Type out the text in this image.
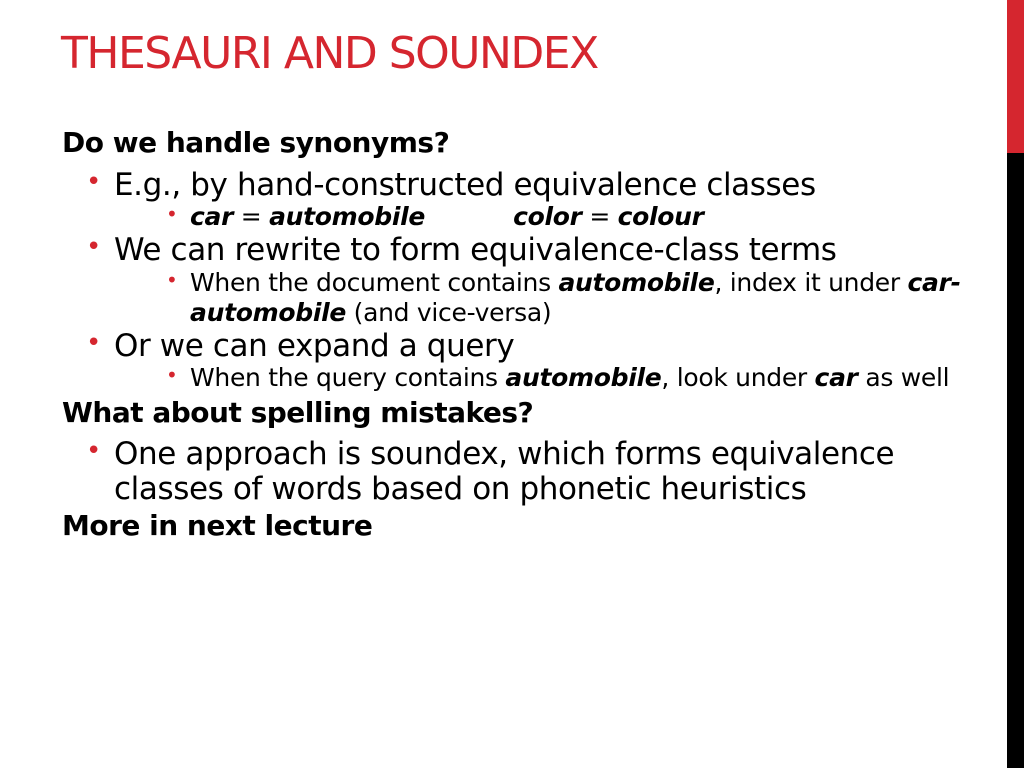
THESAURI AND SOUNDEX
Do we handle synonyms?
• E.g., by hand-constructed equivalence classes
• car = automobile	color = colour
• We can rewrite to form equivalence-class terms
• When the document contains automobile, index it under car-automobile (and vice-versa)
• Or we can expand a query
• When the query contains automobile, look under car as well
What about spelling mistakes?
• One approach is soundex, which forms equivalence classes of words based on phonetic heuristics
More in next lecture
